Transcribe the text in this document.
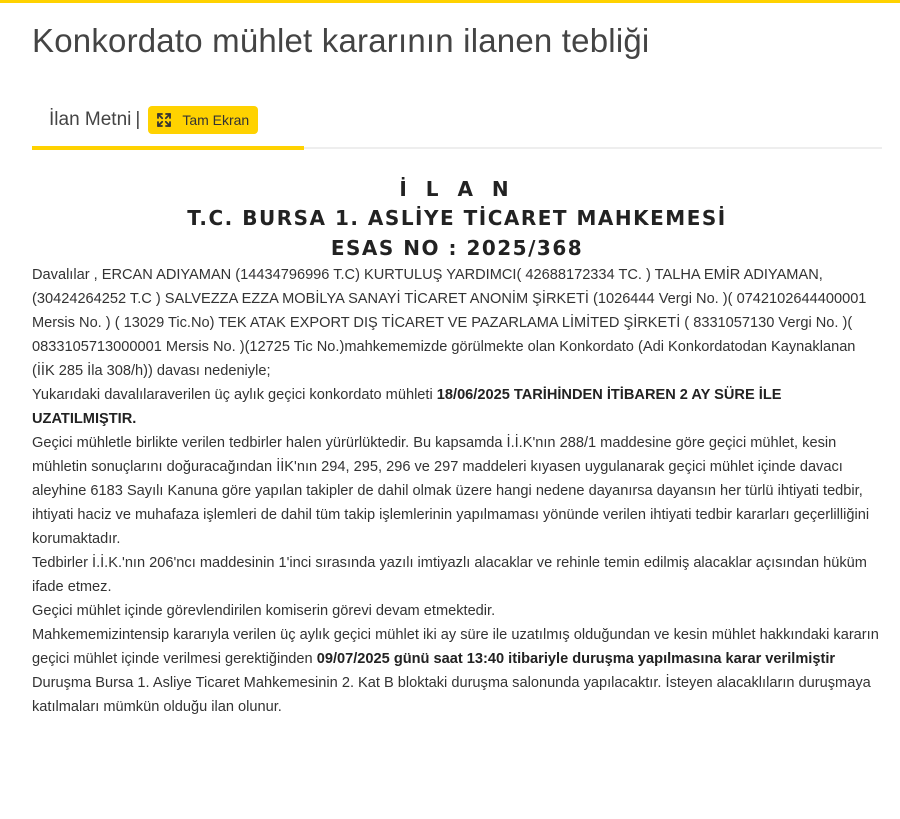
Konkordato mühlet kararının ilanen tebliği
İlan Metni |	Tam Ekran
İ L A N
T.C. BURSA 1. ASLİYE TİCARET MAHKEMESİ
ESAS NO : 2025/368

Davalılar , ERCAN ADIYAMAN (14434796996 T.C) KURTULUŞ YARDIMCI( 42688172334 TC. ) TALHA EMİR ADIYAMAN, (30424264252 T.C ) SALVEZZA EZZA MOBİLYA SANAYİ TİCARET ANONİM ŞİRKETİ (1026444 Vergi No. )( 0742102644400001 Mersis No. ) ( 13029 Tic.No) TEK ATAK EXPORT DIŞ TİCARET VE PAZARLAMA LİMİTED ŞİRKETİ ( 8331057130 Vergi No. )( 0833105713000001 Mersis No. )(12725 Tic No.)mahkememizde görülmekte olan Konkordato (Adi Konkordatodan Kaynaklanan (İİK 285 İla 308/h)) davası nedeniyle;

Yukarıdaki davalılaraverilen üç aylık geçici konkordato mühleti 18/06/2025 TARİHİNDEN İTİBAREN 2 AY SÜRE İLE UZATILMIŞTIR.

Geçici mühletle birlikte verilen tedbirler halen yürürlüktedir. Bu kapsamda İ.İ.K'nın 288/1 maddesine göre geçici mühlet, kesin mühletin sonuçlarını doğuracağından İİK'nın 294, 295, 296 ve 297 maddeleri kıyasen uygulanarak geçici mühlet içinde davacı aleyhine 6183 Sayılı Kanuna göre yapılan takipler de dahil olmak üzere hangi nedene dayanırsa dayansın her türlü ihtiyati tedbir, ihtiyati haciz ve muhafaza işlemleri de dahil tüm takip işlemlerinin yapılmaması yönünde verilen ihtiyati tedbir kararları geçerlilliğini korumaktadır.

Tedbirler İ.İ.K.'nın 206'ncı maddesinin 1'inci sırasında yazılı imtiyazlı alacaklar ve rehinle temin edilmiş alacaklar açısından hüküm ifade etmez.

Geçici mühlet içinde görevlendirilen komiserin görevi devam etmektedir.

Mahkememizintensip kararıyla verilen üç aylık geçici mühlet iki ay süre ile uzatılmış olduğundan ve kesin mühlet hakkındaki kararın geçici mühlet içinde verilmesi gerektiğinden 09/07/2025 günü saat 13:40 itibariyle duruşma yapılmasına karar verilmiştir

Duruşma Bursa 1. Asliye Ticaret Mahkemesinin 2. Kat B bloktaki duruşma salonunda yapılacaktır. İsteyen alacaklıların duruşmaya katılmaları mümkün olduğu ilan olunur.
